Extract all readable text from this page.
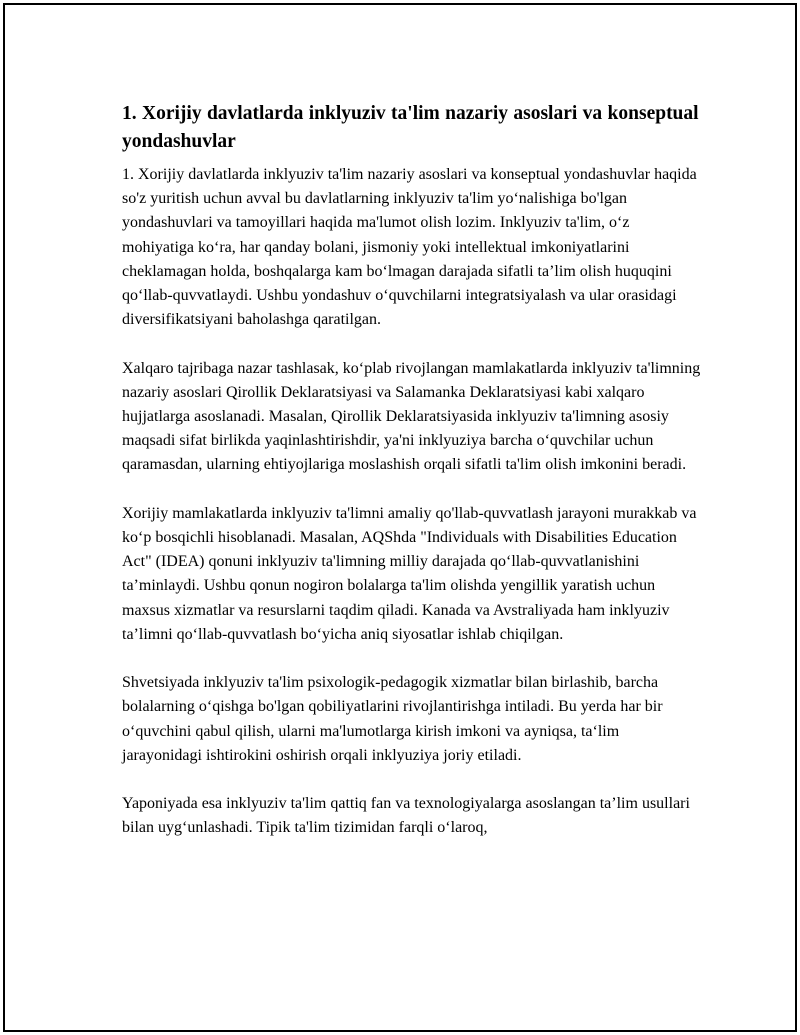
1. Xorijiy davlatlarda inklyuziv ta'lim nazariy asoslari va konseptual yondashuvlar

1. Xorijiy davlatlarda inklyuziv ta'lim nazariy asoslari va konseptual yondashuvlar haqida so'z yuritish uchun avval bu davlatlarning inklyuziv ta'lim yo‘nalishiga bo'lgan yondashuvlari va tamoyillari haqida ma'lumot olish lozim. Inklyuziv ta'lim, o‘z mohiyatiga ko‘ra, har qanday bolani, jismoniy yoki intellektual imkoniyatlarini cheklamagan holda, boshqalarga kam bo‘lmagan darajada sifatli ta’lim olish huquqini qo‘llab-quvvatlaydi. Ushbu yondashuv o‘quvchilarni integratsiyalash va ular orasidagi diversifikatsiyani baholashga qaratilgan.

Xalqaro tajribaga nazar tashlasak, ko‘plab rivojlangan mamlakatlarda inklyuziv ta'limning nazariy asoslari Qirollik Deklaratsiyasi va Salamanka Deklaratsiyasi kabi xalqaro hujjatlarga asoslanadi. Masalan, Qirollik Deklaratsiyasida inklyuziv ta'limning asosiy maqsadi sifat birlikda yaqinlashtirishdir, ya'ni inklyuziya barcha o‘quvchilar uchun qaramasdan, ularning ehtiyojlariga moslashish orqali sifatli ta'lim olish imkonini beradi.

Xorijiy mamlakatlarda inklyuziv ta'limni amaliy qo'llab-quvvatlash jarayoni murakkab va ko‘p bosqichli hisoblanadi. Masalan, AQShda "Individuals with Disabilities Education Act" (IDEA) qonuni inklyuziv ta'limning milliy darajada qo‘llab-quvvatlanishini ta’minlaydi. Ushbu qonun nogiron bolalarga ta'lim olishda yengillik yaratish uchun maxsus xizmatlar va resurslarni taqdim qiladi. Kanada va Avstraliyada ham inklyuziv ta’limni qo‘llab-quvvatlash bo‘yicha aniq siyosatlar ishlab chiqilgan.

Shvetsiyada inklyuziv ta'lim psixologik-pedagogik xizmatlar bilan birlashib, barcha bolalarning o‘qishga bo'lgan qobiliyatlarini rivojlantirishga intiladi. Bu yerda har bir o‘quvchini qabul qilish, ularni ma'lumotlarga kirish imkoni va ayniqsa, ta‘lim jarayonidagi ishtirokini oshirish orqali inklyuziya joriy etiladi.

Yaponiyada esa inklyuziv ta'lim qattiq fan va texnologiyalarga asoslangan ta’lim usullari bilan uyg‘unlashadi. Tipik ta'lim tizimidan farqli o‘laroq,
